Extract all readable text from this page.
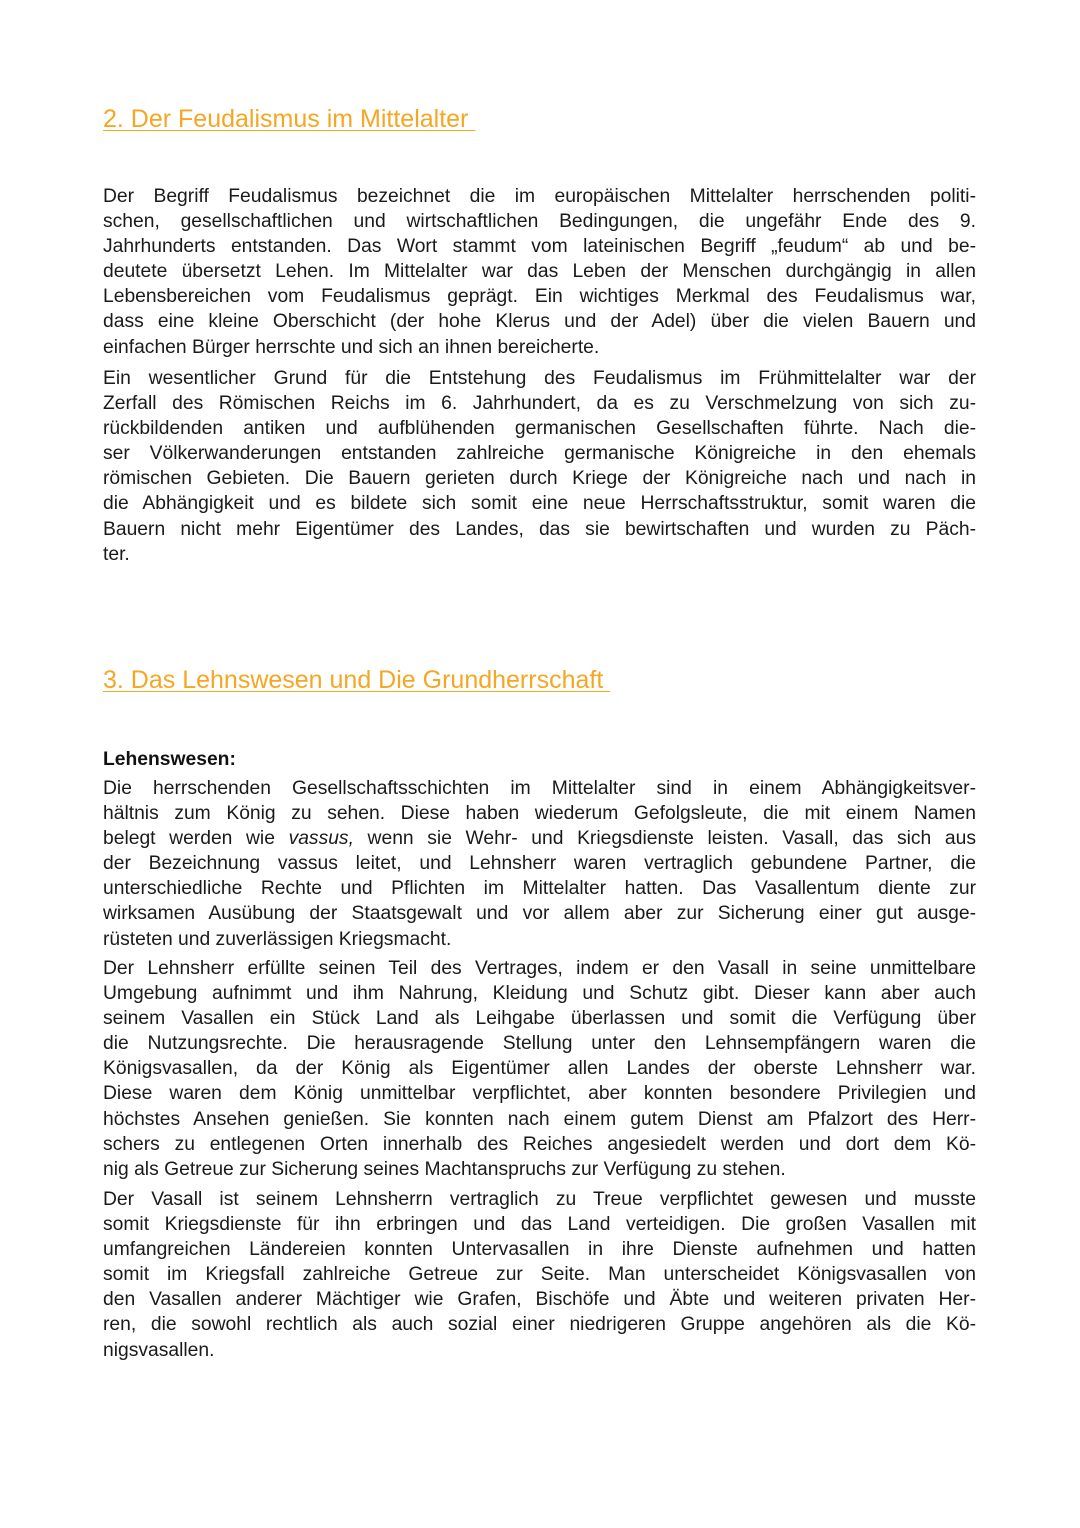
2. Der Feudalismus im Mittelalter
Der Begriff Feudalismus bezeichnet die im europäischen Mittelalter herrschenden politi-
schen, gesellschaftlichen und wirtschaftlichen Bedingungen, die ungefähr Ende des 9.
Jahrhunderts entstanden. Das Wort stammt vom lateinischen Begriff „feudum“ ab und be-
deutete übersetzt Lehen. Im Mittelalter war das Leben der Menschen durchgängig in allen
Lebensbereichen vom Feudalismus geprägt. Ein wichtiges Merkmal des Feudalismus war,
dass eine kleine Oberschicht (der hohe Klerus und der Adel) über die vielen Bauern und
einfachen Bürger herrschte und sich an ihnen bereicherte.
Ein wesentlicher Grund für die Entstehung des Feudalismus im Frühmittelalter war der
Zerfall des Römischen Reichs im 6. Jahrhundert, da es zu Verschmelzung von sich zu-
rückbildenden antiken und aufblühenden germanischen Gesellschaften führte. Nach die-
ser Völkerwanderungen entstanden zahlreiche germanische Königreiche in den ehemals
römischen Gebieten. Die Bauern gerieten durch Kriege der Königreiche nach und nach in
die Abhängigkeit und es bildete sich somit eine neue Herrschaftsstruktur, somit waren die
Bauern nicht mehr Eigentümer des Landes, das sie bewirtschaften und wurden zu Päch-
ter.
3. Das Lehnswesen und Die Grundherrschaft
Lehenswesen:
Die herrschenden Gesellschaftsschichten im Mittelalter sind in einem Abhängigkeitsver-
hältnis zum König zu sehen. Diese haben wiederum Gefolgsleute, die mit einem Namen
belegt werden wie vassus, wenn sie Wehr- und Kriegsdienste leisten. Vasall, das sich aus
der Bezeichnung vassus leitet, und Lehnsherr waren vertraglich gebundene Partner, die
unterschiedliche Rechte und Pflichten im Mittelalter hatten. Das Vasallentum diente zur
wirksamen Ausübung der Staatsgewalt und vor allem aber zur Sicherung einer gut ausge-
rüsteten und zuverlässigen Kriegsmacht.
Der Lehnsherr erfüllte seinen Teil des Vertrages, indem er den Vasall in seine unmittelbare
Umgebung aufnimmt und ihm Nahrung, Kleidung und Schutz gibt. Dieser kann aber auch
seinem Vasallen ein Stück Land als Leihgabe überlassen und somit die Verfügung über
die Nutzungsrechte. Die herausragende Stellung unter den Lehnsempfängern waren die
Königsvasallen, da der König als Eigentümer allen Landes der oberste Lehnsherr war.
Diese waren dem König unmittelbar verpflichtet, aber konnten besondere Privilegien und
höchstes Ansehen genießen. Sie konnten nach einem gutem Dienst am Pfalzort des Herr-
schers zu entlegenen Orten innerhalb des Reiches angesiedelt werden und dort dem Kö-
nig als Getreue zur Sicherung seines Machtanspruchs zur Verfügung zu stehen.
Der Vasall ist seinem Lehnsherrn vertraglich zu Treue verpflichtet gewesen und musste
somit Kriegsdienste für ihn erbringen und das Land verteidigen. Die großen Vasallen mit
umfangreichen Ländereien konnten Untervasallen in ihre Dienste aufnehmen und hatten
somit im Kriegsfall zahlreiche Getreue zur Seite. Man unterscheidet Königsvasallen von
den Vasallen anderer Mächtiger wie Grafen, Bischöfe und Äbte und weiteren privaten Her-
ren, die sowohl rechtlich als auch sozial einer niedrigeren Gruppe angehören als die Kö-
nigsvasallen.
